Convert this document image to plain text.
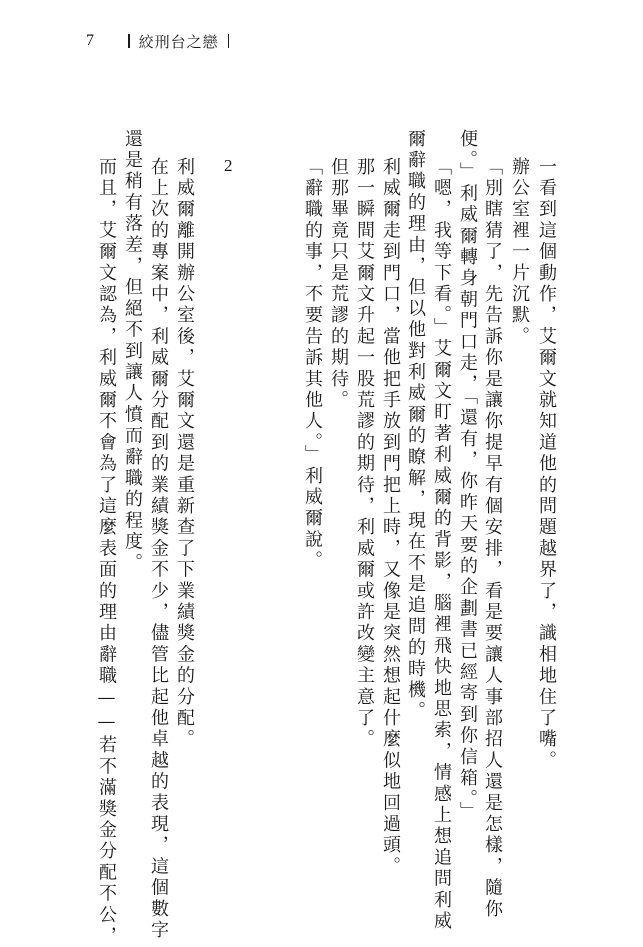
7	絞刑台之戀
一看到這個動作，艾爾文就知道他的問題越界了，識相地住了嘴。
辦公室裡一片沉默。
「別瞎猜了，先告訴你是讓你提早有個安排，看是要讓人事部招人還是怎樣，隨你
便。」利威爾轉身朝門口走，「還有，你昨天要的企劃書已經寄到你信箱。」
「嗯，我等下看。」艾爾文盯著利威爾的背影，腦裡飛快地思索，情感上想追問利威
爾辭職的理由，但以他對利威爾的瞭解，現在不是追問的時機。
利威爾走到門口，當他把手放到門把上時，又像是突然想起什麼似地回過頭。
那一瞬間艾爾文升起一股荒謬的期待，利威爾或許改變主意了。
但那畢竟只是荒謬的期待。
「辭職的事，不要告訴其他人。」利威爾說。
2
利威爾離開辦公室後，艾爾文還是重新查了下業績獎金的分配。
在上次的專案中，利威爾分配到的業績獎金不少，儘管比起他卓越的表現，這個數字
還是稍有落差，但絕不到讓人憤而辭職的程度。
而且，艾爾文認為，利威爾不會為了這麼表面的理由辭職——若不滿獎金分配不公，
